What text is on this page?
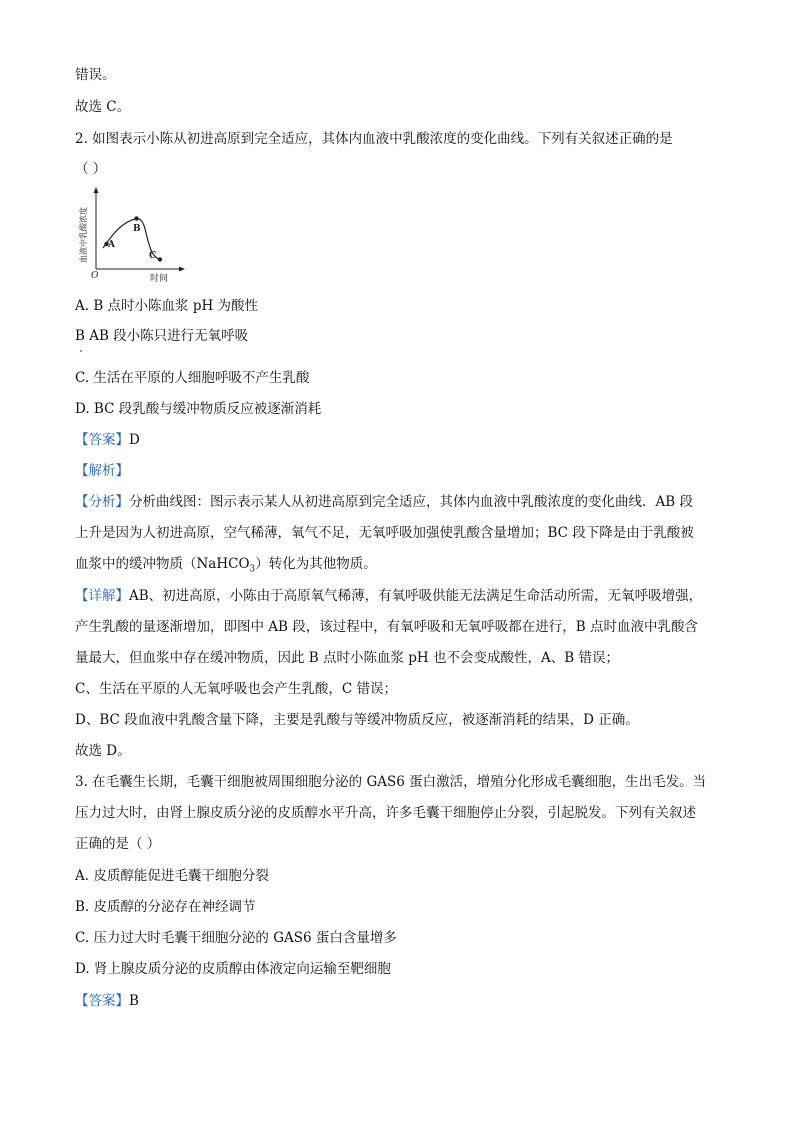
错误。
故选 C。
2. 如图表示小陈从初进高原到完全适应，其体内血液中乳酸浓度的变化曲线。下列有关叙述正确的是
（ ）
血液中乳酸浓度 A
B
C
O	时间
A. B 点时小陈血浆 pH 为酸性
B AB 段小陈只进行无氧呼吸
C. 生活在平原的人细胞呼吸不产生乳酸
D. BC 段乳酸与缓冲物质反应被逐渐消耗
【答案】D
【解析】
【分析】分析曲线图：图示表示某人从初进高原到完全适应，其体内血液中乳酸浓度的变化曲线．AB 段
上升是因为人初进高原，空气稀薄，氧气不足，无氧呼吸加强使乳酸含量增加；BC 段下降是由于乳酸被
血浆中的缓冲物质（NaHCO$_3$）转化为其他物质。
【详解】AB、初进高原，小陈由于高原氧气稀薄，有氧呼吸供能无法满足生命活动所需，无氧呼吸增强，
产生乳酸的量逐渐增加，即图中 AB 段，该过程中，有氧呼吸和无氧呼吸都在进行，B 点时血液中乳酸含
量最大，但血浆中存在缓冲物质，因此 B 点时小陈血浆 pH 也不会变成酸性，A、B 错误；
C、生活在平原的人无氧呼吸也会产生乳酸，C 错误；
D、BC 段血液中乳酸含量下降，主要是乳酸与等缓冲物质反应，被逐渐消耗的结果，D 正确。
故选 D。
3. 在毛囊生长期，毛囊干细胞被周围细胞分泌的 GAS6 蛋白激活，增殖分化形成毛囊细胞，生出毛发。当
压力过大时，由肾上腺皮质分泌的皮质醇水平升高，许多毛囊干细胞停止分裂，引起脱发。下列有关叙述
正确的是（ ）
A. 皮质醇能促进毛囊干细胞分裂
B. 皮质醇的分泌存在神经调节
C. 压力过大时毛囊干细胞分泌的 GAS6 蛋白含量增多
D. 肾上腺皮质分泌的皮质醇由体液定向运输至靶细胞
【答案】B
